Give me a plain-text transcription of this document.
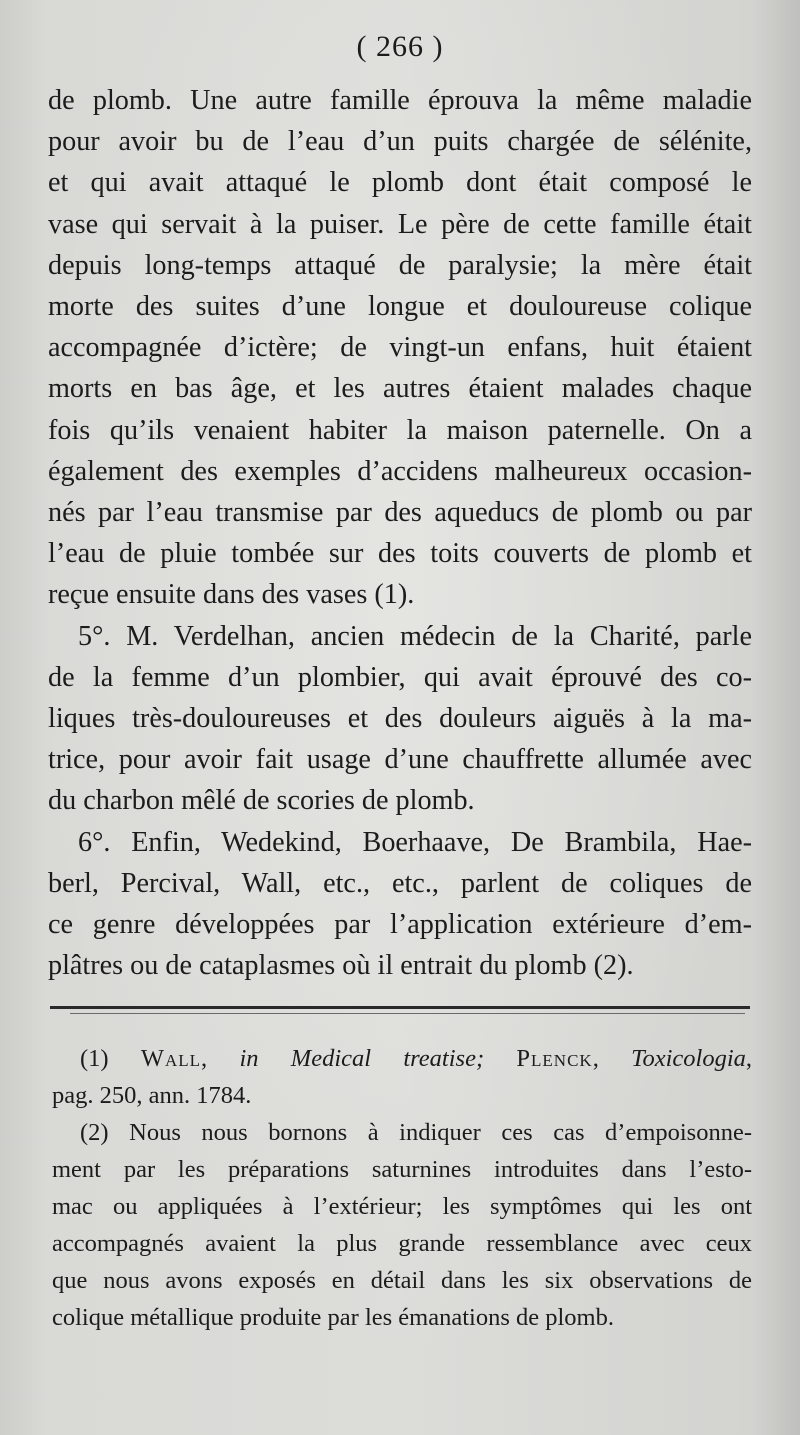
( 266 )
de plomb. Une autre famille éprouva la même maladie
pour avoir bu de l’eau d’un puits chargée de sélénite,
et qui avait attaqué le plomb dont était composé le
vase qui servait à la puiser. Le père de cette famille était
depuis long-temps attaqué de paralysie; la mère était
morte des suites d’une longue et douloureuse colique
accompagnée d’ictère; de vingt-un enfans, huit étaient
morts en bas âge, et les autres étaient malades chaque
fois qu’ils venaient habiter la maison paternelle. On a
également des exemples d’accidens malheureux occasion-
nés par l’eau transmise par des aqueducs de plomb ou par
l’eau de pluie tombée sur des toits couverts de plomb et
reçue ensuite dans des vases (1).
5°. M. Verdelhan, ancien médecin de la Charité, parle
de la femme d’un plombier, qui avait éprouvé des co-
liques très-douloureuses et des douleurs aiguës à la ma-
trice, pour avoir fait usage d’une chauffrette allumée avec
du charbon mêlé de scories de plomb.
6°. Enfin, Wedekind, Boerhaave, De Brambila, Hae-
berl, Percival, Wall, etc., etc., parlent de coliques de
ce genre développées par l’application extérieure d’em-
plâtres ou de cataplasmes où il entrait du plomb (2).
(1) Wall, in Medical treatise; Plenck, Toxicologia,
pag. 250, ann. 1784.
(2) Nous nous bornons à indiquer ces cas d’empoisonne-
ment par les préparations saturnines introduites dans l’esto-
mac ou appliquées à l’extérieur; les symptômes qui les ont
accompagnés avaient la plus grande ressemblance avec ceux
que nous avons exposés en détail dans les six observations de
colique métallique produite par les émanations de plomb.
